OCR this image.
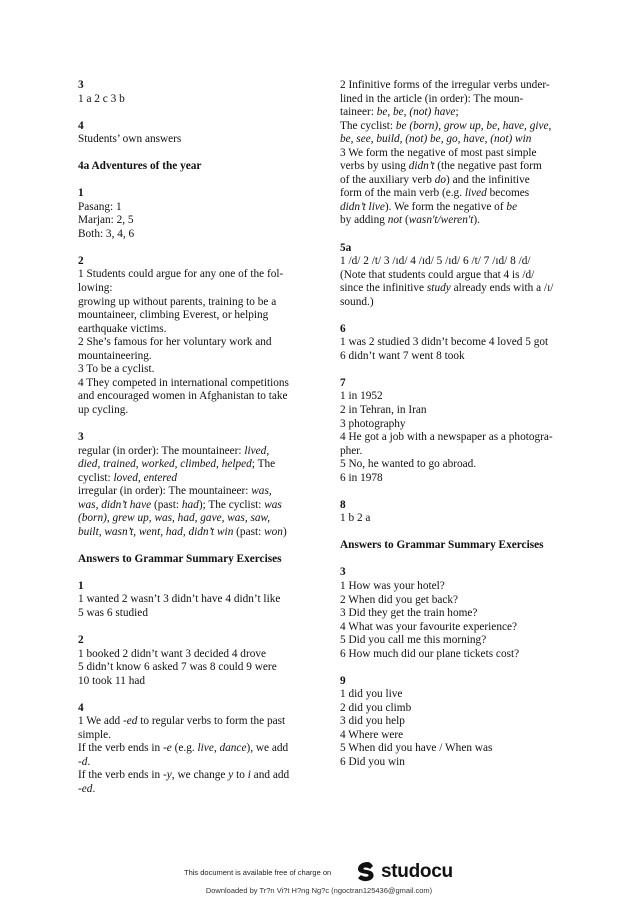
3
1 a 2 c 3 b
4
Students’ own answers
4a Adventures of the year
1
Pasang: 1
Marjan: 2, 5
Both: 3, 4, 6
2
1 Students could argue for any one of the fol-
lowing:
growing up without parents, training to be a
mountaineer, climbing Everest, or helping
earthquake victims.
2 She’s famous for her voluntary work and
mountaineering.
3 To be a cyclist.
4 They competed in international competitions
and encouraged women in Afghanistan to take
up cycling.
3
regular (in order): The mountaineer: lived,
died, trained, worked, climbed, helped; The
cyclist: loved, entered
irregular (in order): The mountaineer: was,
was, didn’t have (past: had); The cyclist: was
(born), grew up, was, had, gave, was, saw,
built, wasn’t, went, had, didn’t win (past: won)
Answers to Grammar Summary Exercises
1
1 wanted 2 wasn’t 3 didn’t have 4 didn’t like
5 was 6 studied
2
1 booked 2 didn’t want 3 decided 4 drove
5 didn’t know 6 asked 7 was 8 could 9 were
10 took 11 had
4
1 We add -ed to regular verbs to form the past
simple.
If the verb ends in -e (e.g. live, dance), we add
-d.
If the verb ends in -y, we change y to i and add
-ed.
2 Infinitive forms of the irregular verbs under-
lined in the article (in order): The moun-
taineer: be, be, (not) have;
The cyclist: be (born), grow up, be, have, give,
be, see, build, (not) be, go, have, (not) win
3 We form the negative of most past simple
verbs by using didn’t (the negative past form
of the auxiliary verb do) and the infinitive
form of the main verb (e.g. lived becomes
didn’t live). We form the negative of be
by adding not (wasn't/weren't).
5a
1 /d/ 2 /t/ 3 /ɪd/ 4 /ɪd/ 5 /ɪd/ 6 /t/ 7 /ɪd/ 8 /d/
(Note that students could argue that 4 is /d/
since the infinitive study already ends with a /ɪ/
sound.)
6
1 was 2 studied 3 didn’t become 4 loved 5 got
6 didn’t want 7 went 8 took
7
1 in 1952
2 in Tehran, in Iran
3 photography
4 He got a job with a newspaper as a photogra-
pher.
5 No, he wanted to go abroad.
6 in 1978
8
1 b 2 a
Answers to Grammar Summary Exercises
3
1 How was your hotel?
2 When did you get back?
3 Did they get the train home?
4 What was your favourite experience?
5 Did you call me this morning?
6 How much did our plane tickets cost?
9
1 did you live
2 did you climb
3 did you help
4 Where were
5 When did you have / When was
6 Did you win
This document is available free of charge on	studocu
Downloaded by Tr?n Vi?t H?ng Ng?c (ngoctran125436@gmail.com)
